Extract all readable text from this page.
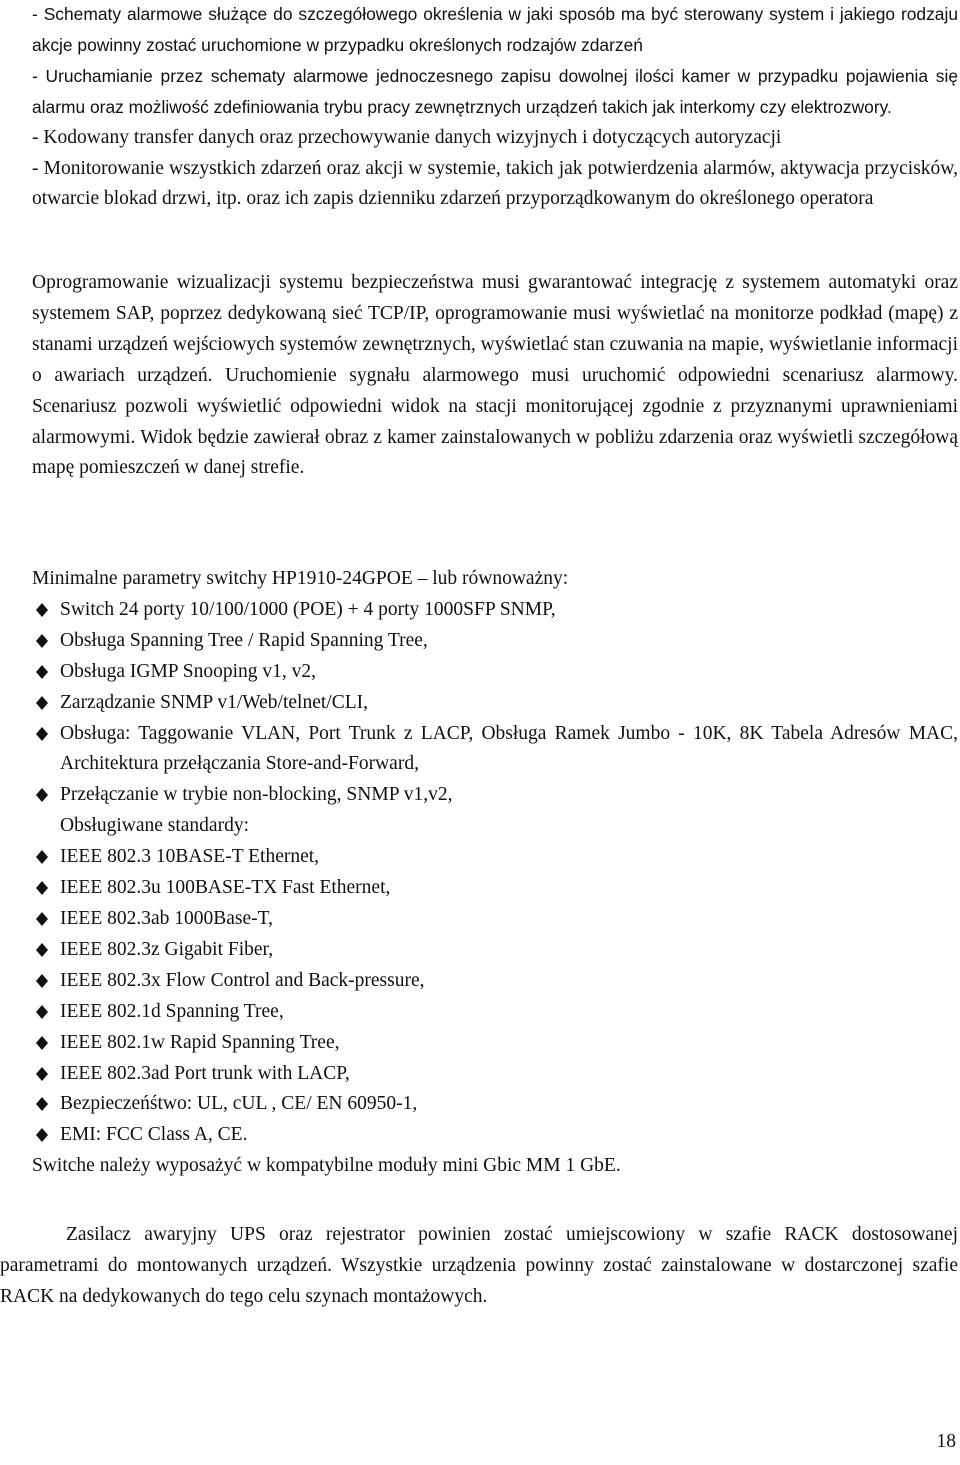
- Schematy alarmowe służące do szczegółowego określenia w jaki sposób ma być sterowany system i jakiego rodzaju akcje powinny zostać uruchomione w przypadku określonych rodzajów zdarzeń

- Uruchamianie przez schematy alarmowe jednoczesnego zapisu dowolnej ilości kamer w przypadku pojawienia się alarmu oraz możliwość zdefiniowania trybu pracy zewnętrznych urządzeń takich jak interkomy czy elektrozwory.

- Kodowany transfer danych oraz przechowywanie danych wizyjnych i dotyczących autoryzacji

- Monitorowanie wszystkich zdarzeń oraz akcji w systemie, takich jak potwierdzenia alarmów, aktywacja przycisków, otwarcie blokad drzwi, itp. oraz ich zapis dzienniku zdarzeń przyporządkowanym do określonego operatora

Oprogramowanie wizualizacji systemu bezpieczeństwa musi gwarantować integrację z systemem automatyki oraz systemem SAP, poprzez dedykowaną sieć TCP/IP, oprogramowanie musi wyświetlać na monitorze podkład (mapę) z stanami urządzeń wejściowych systemów zewnętrznych, wyświetlać stan czuwania na mapie, wyświetlanie informacji o awariach urządzeń. Uruchomienie sygnału alarmowego musi uruchomić odpowiedni scenariusz alarmowy. Scenariusz pozwoli wyświetlić odpowiedni widok na stacji monitorującej zgodnie z przyznanymi uprawnieniami alarmowymi. Widok będzie zawierał obraz z kamer zainstalowanych w pobliżu zdarzenia oraz wyświetli szczegółową mapę pomieszczeń w danej strefie.

Minimalne parametry switchy HP1910-24GPOE – lub równoważny:

Switch 24 porty 10/100/1000 (POE) + 4 porty 1000SFP SNMP,
Obsługa Spanning Tree / Rapid Spanning Tree,
Obsługa IGMP Snooping v1, v2,
Zarządzanie SNMP v1/Web/telnet/CLI,
Obsługa: Taggowanie VLAN, Port Trunk z LACP, Obsługa Ramek Jumbo - 10K, 8K Tabela Adresów MAC, Architektura przełączania Store-and-Forward,
Przełączanie w trybie non-blocking, SNMP v1,v2,
Obsługiwane standardy:
IEEE 802.3 10BASE-T Ethernet,
IEEE 802.3u 100BASE-TX Fast Ethernet,
IEEE 802.3ab 1000Base-T,
IEEE 802.3z Gigabit Fiber,
IEEE 802.3x Flow Control and Back-pressure,
IEEE 802.1d Spanning Tree,
IEEE 802.1w Rapid Spanning Tree,
IEEE 802.3ad Port trunk with LACP,
Bezpieczeńśtwo: UL, cUL , CE/ EN 60950-1,
EMI: FCC Class A, CE.

Switche należy wyposażyć w kompatybilne moduły mini Gbic MM 1 GbE.

Zasilacz awaryjny UPS oraz rejestrator powinien zostać umiejscowiony w szafie RACK dostosowanej parametrami do montowanych urządzeń. Wszystkie urządzenia powinny zostać zainstalowane w dostarczonej szafie RACK na dedykowanych do tego celu szynach montażowych.

18
